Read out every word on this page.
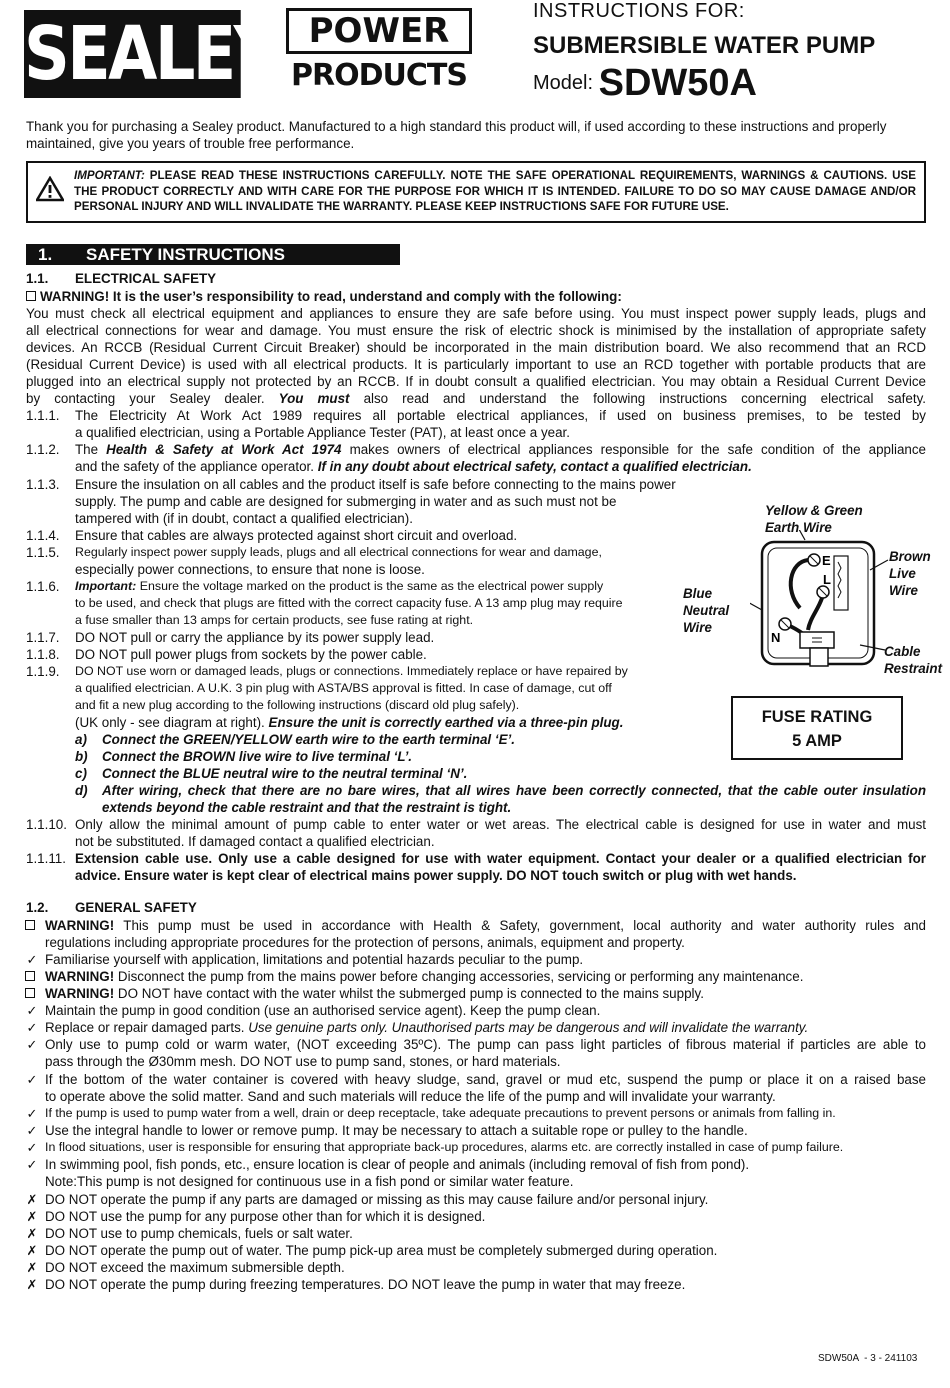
SEALEY POWER
PRODUCTS
INSTRUCTIONS FOR:
SUBMERSIBLE WATER PUMP
Model: SDW50A
Thank you for purchasing a Sealey product. Manufactured to a high standard this product will, if used according to these instructions and properly maintained, give you years of trouble free performance.
IMPORTANT: PLEASE READ THESE INSTRUCTIONS CAREFULLY. NOTE THE SAFE OPERATIONAL REQUIREMENTS, WARNINGS & CAUTIONS. USE THE PRODUCT CORRECTLY AND WITH CARE FOR THE PURPOSE FOR WHICH IT IS INTENDED. FAILURE TO DO SO MAY CAUSE DAMAGE AND/OR PERSONAL INJURY AND WILL INVALIDATE THE WARRANTY. PLEASE KEEP INSTRUCTIONS SAFE FOR FUTURE USE.
1. SAFETY INSTRUCTIONS
1.1. ELECTRICAL SAFETY
WARNING! It is the user’s responsibility to read, understand and comply with the following:
You must check all electrical equipment and appliances to ensure they are safe before using. You must inspect power supply leads, plugs and
all electrical connections for wear and damage. You must ensure the risk of electric shock is minimised by the installation of appropriate safety
devices. An RCCB (Residual Current Circuit Breaker) should be incorporated in the main distribution board. We also recommend that an RCD
(Residual Current Device) is used with all electrical products. It is particularly important to use an RCD together with portable products that are
plugged into an electrical supply not protected by an RCCB. If in doubt consult a qualified electrician. You may obtain a Residual Current Device
by contacting your Sealey dealer. You must also read and understand the following instructions concerning electrical safety.
1.1.1. The Electricity At Work Act 1989 requires all portable electrical appliances, if used on business premises, to be tested by
a qualified electrician, using a Portable Appliance Tester (PAT), at least once a year.
1.1.2. The Health & Safety at Work Act 1974 makes owners of electrical appliances responsible for the safe condition of the appliance
and the safety of the appliance operator. If in any doubt about electrical safety, contact a qualified electrician.
1.1.3. Ensure the insulation on all cables and the product itself is safe before connecting to the mains power
supply. The pump and cable are designed for submerging in water and as such must not be
tampered with (if in doubt, contact a qualified electrician).
1.1.4. Ensure that cables are always protected against short circuit and overload.
1.1.5. Regularly inspect power supply leads, plugs and all electrical connections for wear and damage,
especially power connections, to ensure that none is loose.
1.1.6. Important: Ensure the voltage marked on the product is the same as the electrical power supply
to be used, and check that plugs are fitted with the correct capacity fuse. A 13 amp plug may require
a fuse smaller than 13 amps for certain products, see fuse rating at right.
1.1.7. DO NOT pull or carry the appliance by its power supply lead.
1.1.8. DO NOT pull power plugs from sockets by the power cable.
1.1.9. DO NOT use worn or damaged leads, plugs or connections. Immediately replace or have repaired by
a qualified electrician. A U.K. 3 pin plug with ASTA/BS approval is fitted. In case of damage, cut off
and fit a new plug according to the following instructions (discard old plug safely).
(UK only - see diagram at right). Ensure the unit is correctly earthed via a three-pin plug.
a) Connect the GREEN/YELLOW earth wire to the earth terminal ‘E’.
b) Connect the BROWN live wire to live terminal ‘L’.
c) Connect the BLUE neutral wire to the neutral terminal ‘N’.
d) After wiring, check that there are no bare wires, that all wires have been correctly connected, that the cable outer insulation
extends beyond the cable restraint and that the restraint is tight.
1.1.10. Only allow the minimal amount of pump cable to enter water or wet areas. The electrical cable is designed for use in water and must
not be substituted. If damaged contact a qualified electrician.
1.1.11. Extension cable use. Only use a cable designed for use with water equipment. Contact your dealer or a qualified electrician for
advice. Ensure water is kept clear of electrical mains power supply. DO NOT touch switch or plug with wet hands.
Yellow & Green
Earth Wire
Brown
Live
Wire
Blue
Neutral
Wire
Cable
Restraint
E
L
N
FUSE RATING
5 AMP
1.2. GENERAL SAFETY
WARNING! This pump must be used in accordance with Health & Safety, government, local authority and water authority rules and
regulations including appropriate procedures for the protection of persons, animals, equipment and property.
✓ Familiarise yourself with application, limitations and potential hazards peculiar to the pump.
WARNING! Disconnect the pump from the mains power before changing accessories, servicing or performing any maintenance.
WARNING! DO NOT have contact with the water whilst the submerged pump is connected to the mains supply.
✓ Maintain the pump in good condition (use an authorised service agent). Keep the pump clean.
✓ Replace or repair damaged parts. Use genuine parts only. Unauthorised parts may be dangerous and will invalidate the warranty.
✓ Only use to pump cold or warm water, (NOT exceeding 35ºC). The pump can pass light particles of fibrous material if particles are able to
pass through the Ø30mm mesh. DO NOT use to pump sand, stones, or hard materials.
✓ If the bottom of the water container is covered with heavy sludge, sand, gravel or mud etc, suspend the pump or place it on a raised base
to operate above the solid matter. Sand and such materials will reduce the life of the pump and will invalidate your warranty.
✓ If the pump is used to pump water from a well, drain or deep receptacle, take adequate precautions to prevent persons or animals from falling in.
✓ Use the integral handle to lower or remove pump. It may be necessary to attach a suitable rope or pulley to the handle.
✓ In flood situations, user is responsible for ensuring that appropriate back-up procedures, alarms etc. are correctly installed in case of pump failure.
✓ In swimming pool, fish ponds, etc., ensure location is clear of people and animals (including removal of fish from pond).
Note:This pump is not designed for continuous use in a fish pond or similar water feature.
✗ DO NOT operate the pump if any parts are damaged or missing as this may cause failure and/or personal injury.
✗ DO NOT use the pump for any purpose other than for which it is designed.
✗ DO NOT use to pump chemicals, fuels or salt water.
✗ DO NOT operate the pump out of water. The pump pick-up area must be completely submerged during operation.
✗ DO NOT exceed the maximum submersible depth.
✗ DO NOT operate the pump during freezing temperatures. DO NOT leave the pump in water that may freeze.
SDW50A  - 3 - 241103
